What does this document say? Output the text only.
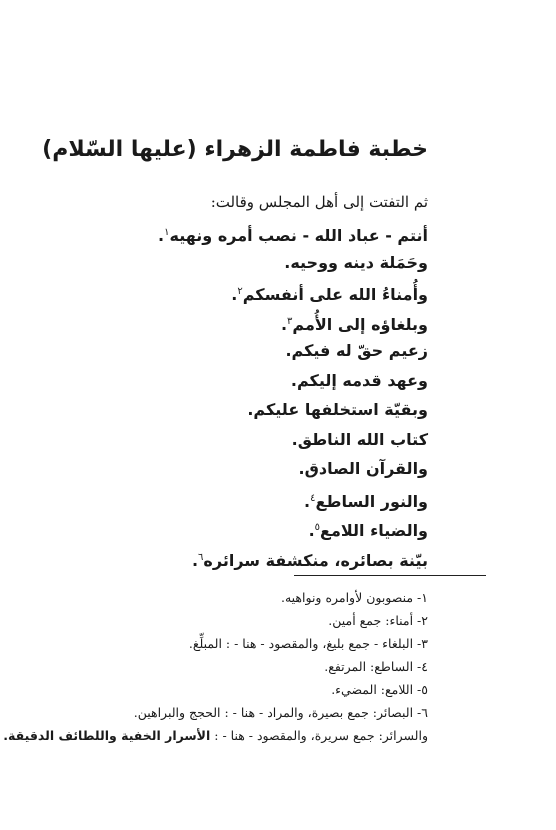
خطبة فاطمة الزهراء (عليها السّلام)
ثم التفتت إلى أهل المجلس وقالت:
أنتم - عباد الله - نصب أمره ونهيه$^١$.
وحَمَلة دينه ووحيه.
وأُمناءُ الله على أنفسكم$^٢$.
وبلغاؤه إلى الأُمم$^٣$.
زعيم حقّ له فيكم.
وعهد قدمه إليكم.
وبقيّة استخلفها عليكم.
كتاب الله الناطق.
والقرآن الصادق.
والنور الساطع$^٤$.
والضياء اللامع$^٥$.
بيّنة بصائره، منكشفة سرائره$^٦$.
١- منصوبون لأوامره ونواهيه.
٢- أمناء: جمع أمين.
٣- البلغاء - جمع بليغ، والمقصود - هنا - : المبلِّغ.
٤- الساطع: المرتفع.
٥- اللامع: المضيء.
٦- البصائر: جمع بصيرة، والمراد - هنا - : الحجج والبراهين.
والسرائر: جمع سريرة، والمقصود - هنا - : الأسرار الخفية واللطائف الدقيقة.
